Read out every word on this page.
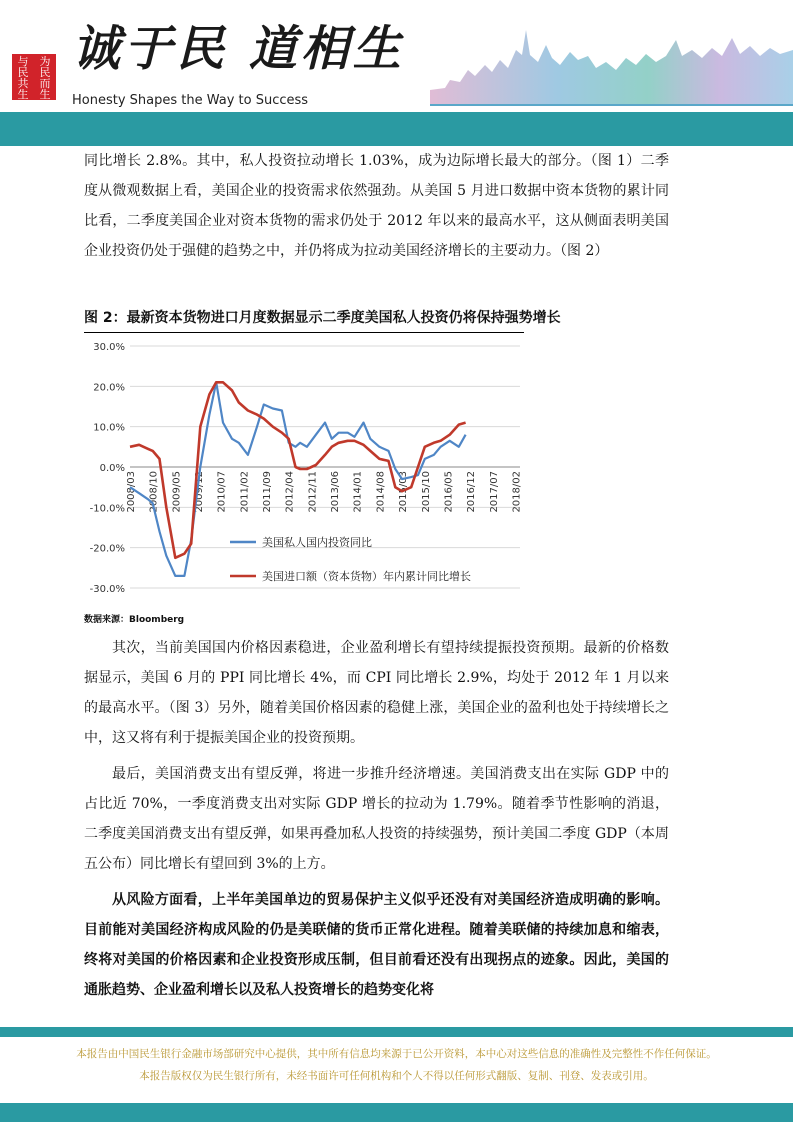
与 为
民 民
共 而
生 生
诚于民 道相生
Honesty Shapes the Way to Success

同比增长 2.8%。其中，私人投资拉动增长 1.03%，成为边际增长最大的部分。（图 1）二季度从微观数据上看，美国企业的投资需求依然强劲。从美国 5 月进口数据中资本货物的累计同比看，二季度美国企业对资本货物的需求仍处于 2012 年以来的最高水平，这从侧面表明美国企业投资仍处于强健的趋势之中，并仍将成为拉动美国经济增长的主要动力。（图 2）

图 2：最新资本货物进口月度数据显示二季度美国私人投资仍将保持强势增长
30.0%
20.0%
10.0%
0.0%
-10.0%
-20.0%
-30.0%
2008/03 2008/10 2009/05 2009/12 2010/07 2011/02 2011/09 2012/04 2012/11 2013/06 2014/01 2014/08 2015/03 2015/10 2016/05 2016/12 2017/07 2018/02
美国私人国内投资同比
美国进口额（资本货物）年内累计同比增长
数据来源：Bloomberg

其次，当前美国国内价格因素稳进，企业盈利增长有望持续提振投资预期。最新的价格数据显示，美国 6 月的 PPI 同比增长 4%，而 CPI 同比增长 2.9%，均处于 2012 年 1 月以来的最高水平。（图 3）另外，随着美国价格因素的稳健上涨，美国企业的盈利也处于持续增长之中，这又将有利于提振美国企业的投资预期。

最后，美国消费支出有望反弹，将进一步推升经济增速。美国消费支出在实际 GDP 中的占比近 70%，一季度消费支出对实际 GDP 增长的拉动为 1.79%。随着季节性影响的消退，二季度美国消费支出有望反弹，如果再叠加私人投资的持续强势，预计美国二季度 GDP（本周五公布）同比增长有望回到 3%的上方。

从风险方面看，上半年美国单边的贸易保护主义似乎还没有对美国经济造成明确的影响。目前能对美国经济构成风险的仍是美联储的货币正常化进程。随着美联储的持续加息和缩表，终将对美国的价格因素和企业投资形成压制，但目前看还没有出现拐点的迹象。因此，美国的通胀趋势、企业盈利增长以及私人投资增长的趋势变化将

本报告由中国民生银行金融市场部研究中心提供，其中所有信息均来源于已公开资料，本中心对这些信息的准确性及完整性不作任何保证。

本报告版权仅为民生银行所有，未经书面许可任何机构和个人不得以任何形式翻版、复制、刊登、发表或引用。
